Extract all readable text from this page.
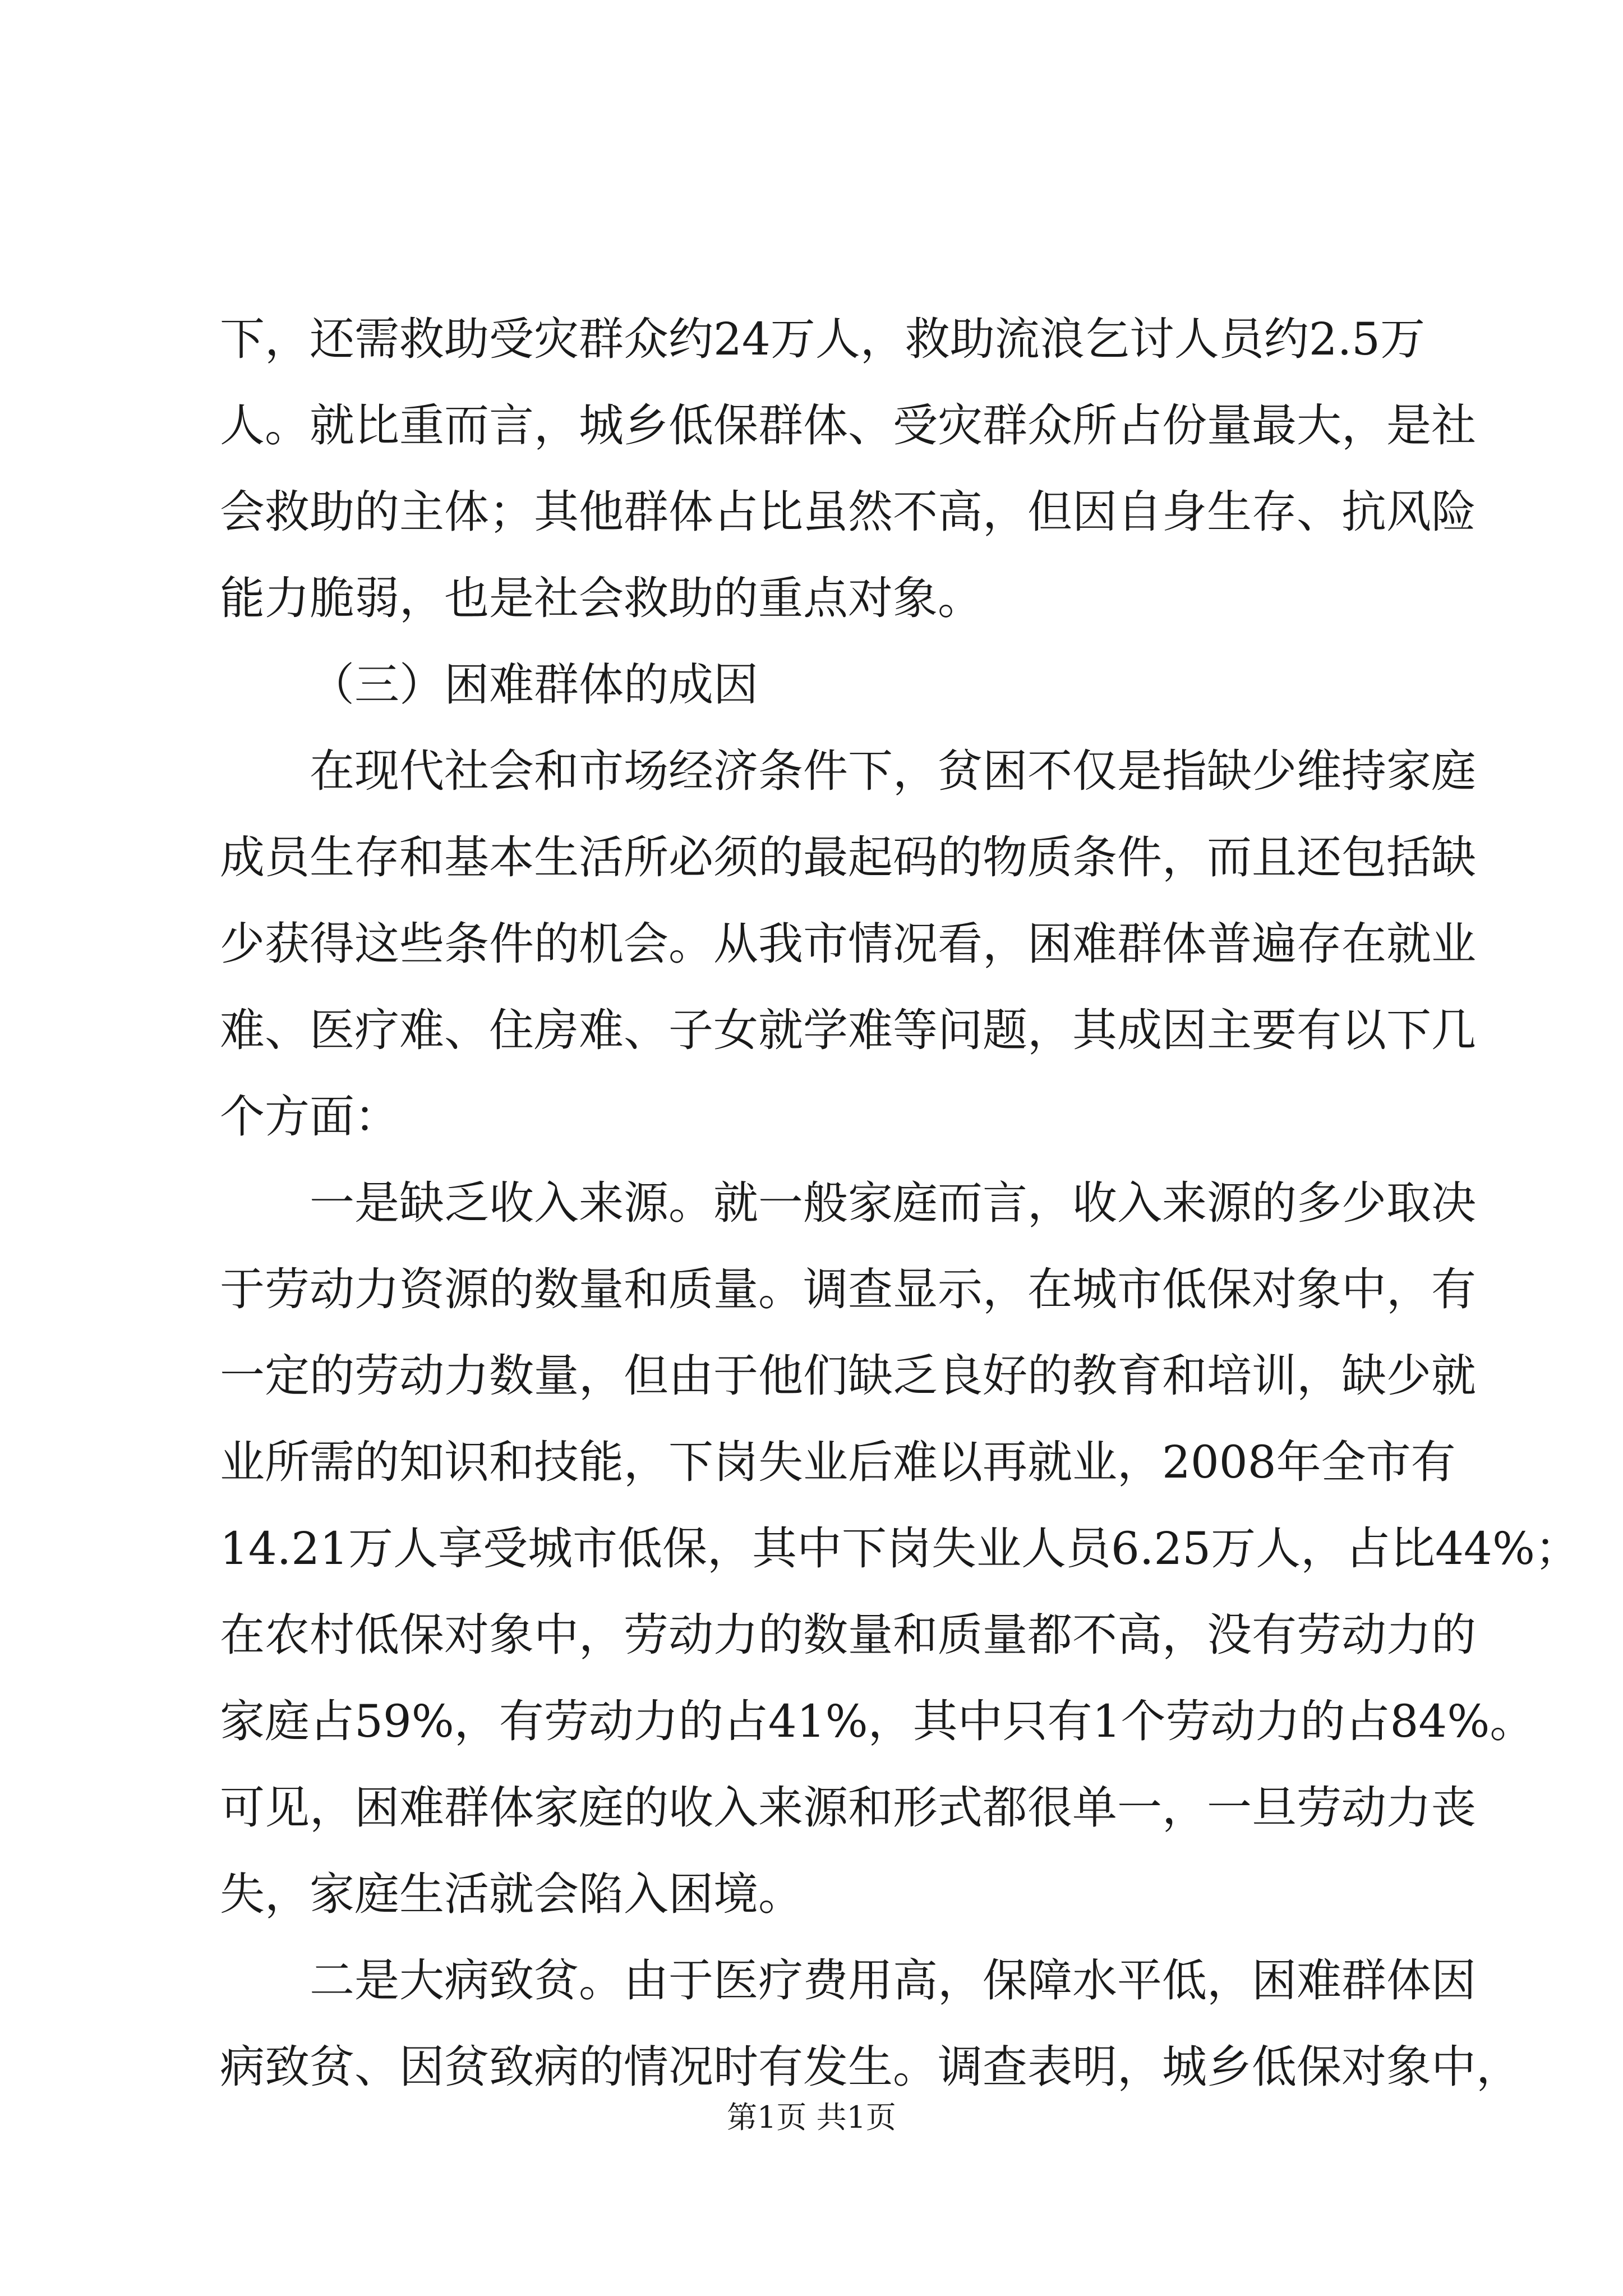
下，还需救助受灾群众约24万人，救助流浪乞讨人员约2.5万
人。就比重而言，城乡低保群体、受灾群众所占份量最大，是社
会救助的主体；其他群体占比虽然不高，但因自身生存、抗风险
能力脆弱，也是社会救助的重点对象。
（三）困难群体的成因
在现代社会和市场经济条件下，贫困不仅是指缺少维持家庭
成员生存和基本生活所必须的最起码的物质条件，而且还包括缺
少获得这些条件的机会。从我市情况看，困难群体普遍存在就业
难、医疗难、住房难、子女就学难等问题，其成因主要有以下几
个方面：
一是缺乏收入来源。就一般家庭而言，收入来源的多少取决
于劳动力资源的数量和质量。调查显示，在城市低保对象中，有
一定的劳动力数量，但由于他们缺乏良好的教育和培训，缺少就
业所需的知识和技能，下岗失业后难以再就业，2008年全市有
14.21万人享受城市低保，其中下岗失业人员6.25万人，占比44%；
在农村低保对象中，劳动力的数量和质量都不高，没有劳动力的
家庭占59%，有劳动力的占41%，其中只有1个劳动力的占84%。
可见，困难群体家庭的收入来源和形式都很单一，一旦劳动力丧
失，家庭生活就会陷入困境。
二是大病致贫。由于医疗费用高，保障水平低，困难群体因
病致贫、因贫致病的情况时有发生。调查表明，城乡低保对象中，
第1页 共1页
